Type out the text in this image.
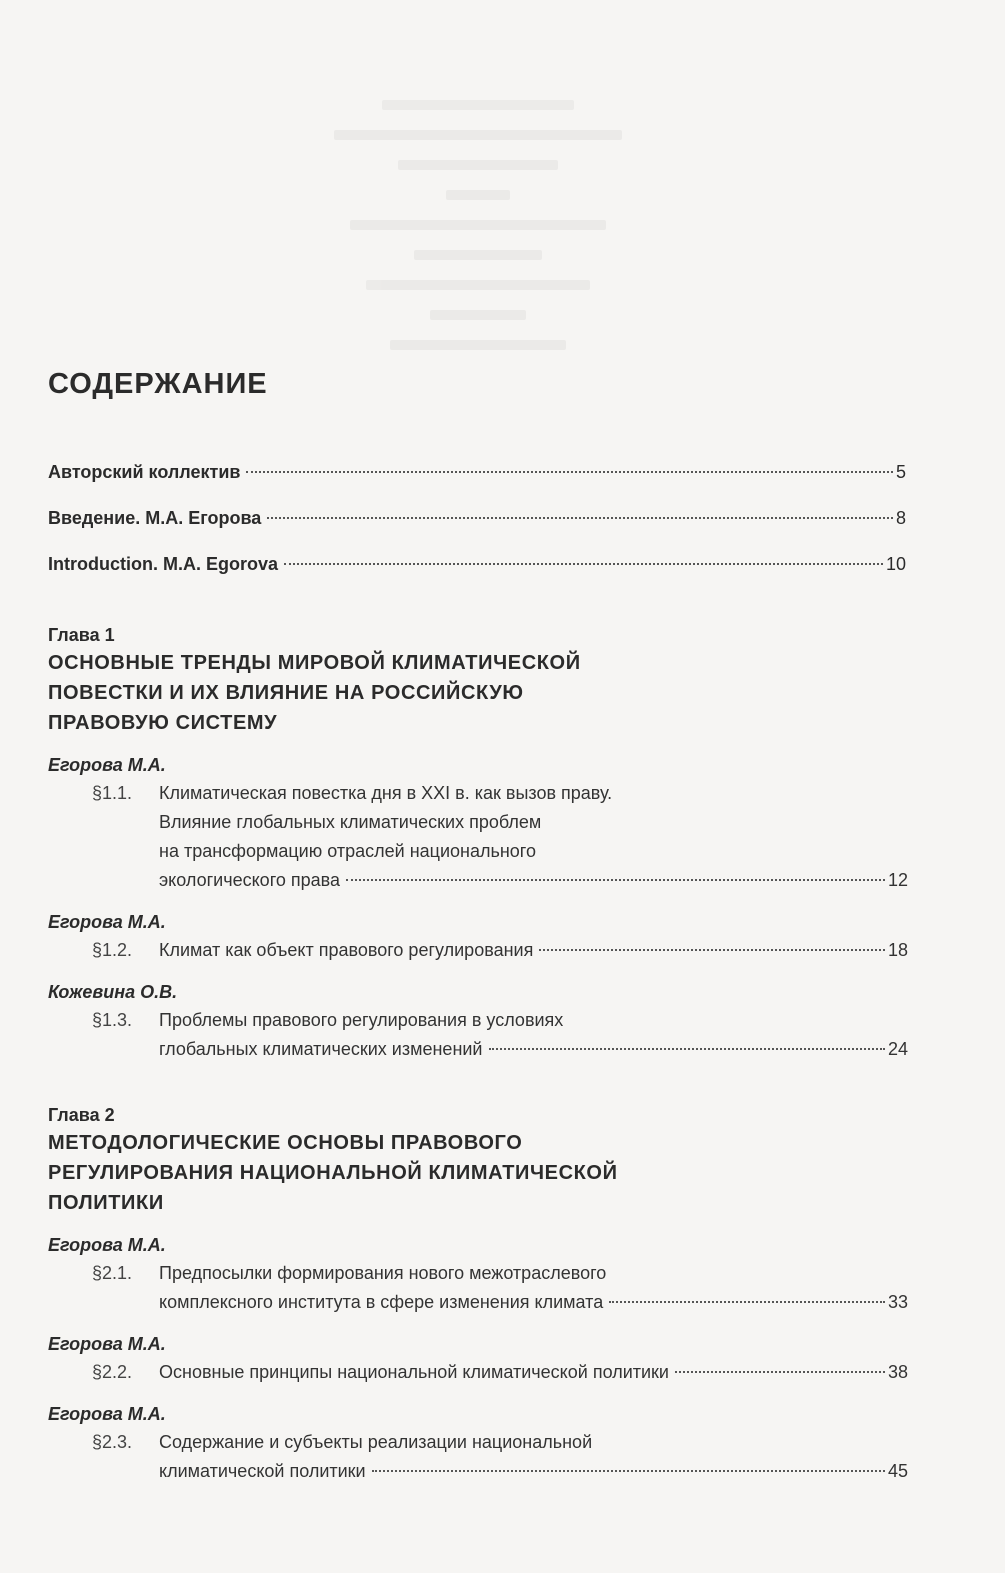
СОДЕРЖАНИЕ
Авторский коллектив	5
Введение. М.А. Егорова	8
Introduction. M.A. Egorova	10
Глава 1
ОСНОВНЫЕ ТРЕНДЫ МИРОВОЙ КЛИМАТИЧЕСКОЙ
ПОВЕСТКИ И ИХ ВЛИЯНИЕ НА РОССИЙСКУЮ
ПРАВОВУЮ СИСТЕМУ
Егорова М.А.
§1.1.	Климатическая повестка дня в XXI в. как вызов праву.
Влияние глобальных климатических проблем
на трансформацию отраслей национального
экологического права	12
Егорова М.А.
§1.2.	Климат как объект правового регулирования	18
Кожевина О.В.
§1.3.	Проблемы правового регулирования в условиях
глобальных климатических изменений	24
Глава 2
МЕТОДОЛОГИЧЕСКИЕ ОСНОВЫ ПРАВОВОГО
РЕГУЛИРОВАНИЯ НАЦИОНАЛЬНОЙ КЛИМАТИЧЕСКОЙ
ПОЛИТИКИ
Егорова М.А.
§2.1.	Предпосылки формирования нового межотраслевого
комплексного института в сфере изменения климата	33
Егорова М.А.
§2.2.	Основные принципы национальной климатической политики	38
Егорова М.А.
§2.3.	Содержание и субъекты реализации национальной
климатической политики	45
